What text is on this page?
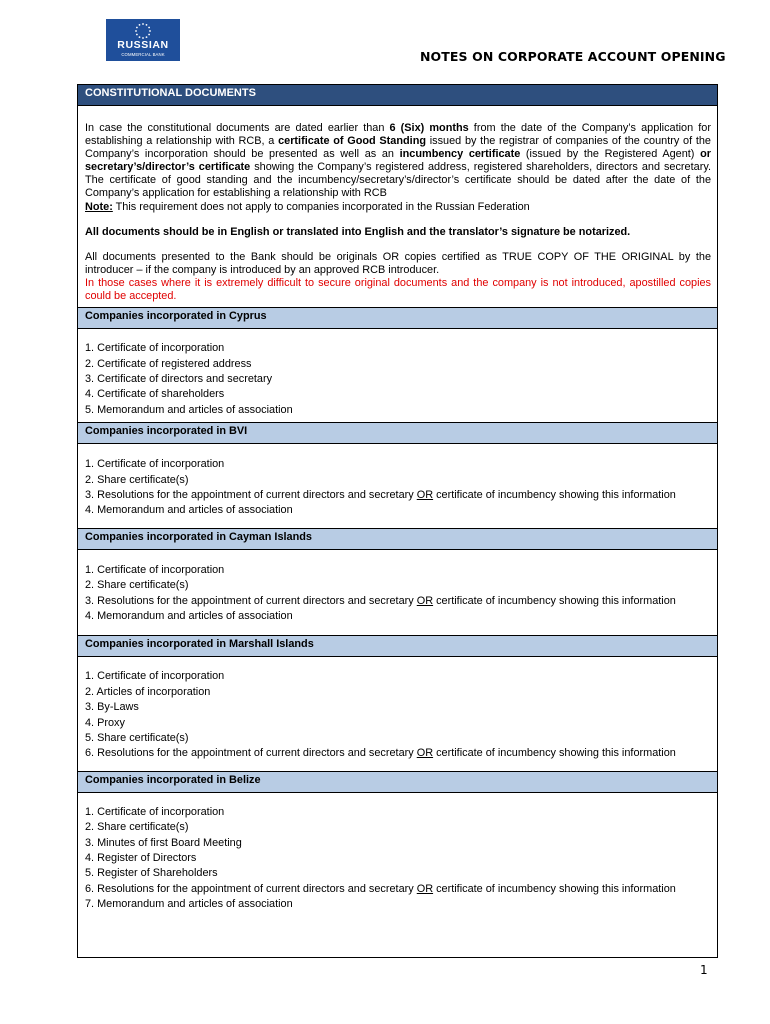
RUSSIAN
COMMERCIAL BANK	NOTES ON CORPORATE ACCOUNT OPENING
CONSTITUTIONAL DOCUMENTS

In case the constitutional documents are dated earlier than 6 (Six) months from the date of the Company’s application for establishing a relationship with RCB, a certificate of Good Standing issued by the registrar of companies of the country of the Company’s incorporation should be presented as well as an incumbency certificate (issued by the Registered Agent) or secretary’s/director’s certificate showing the Company’s registered address, registered shareholders, directors and secretary. The certificate of good standing and the incumbency/secretary’s/director’s certificate should be dated after the date of the Company’s application for establishing a relationship with RCB

Note: This requirement does not apply to companies incorporated in the Russian Federation

All documents should be in English or translated into English and the translator’s signature be notarized.

All documents presented to the Bank should be originals OR copies certified as TRUE COPY OF THE ORIGINAL by the introducer – if the company is introduced by an approved RCB introducer.

In those cases where it is extremely difficult to secure original documents and the company is not introduced, apostilled copies could be accepted.

Companies incorporated in Cyprus
1. Certificate of incorporation
2. Certificate of registered address
3. Certificate of directors and secretary
4. Certificate of shareholders
5. Memorandum and articles of association
Companies incorporated in BVI
1. Certificate of incorporation
2. Share certificate(s)
3. Resolutions for the appointment of current directors and secretary OR certificate of incumbency showing this information
4. Memorandum and articles of association
Companies incorporated in Cayman Islands
1. Certificate of incorporation
2. Share certificate(s)
3. Resolutions for the appointment of current directors and secretary OR certificate of incumbency showing this information
4. Memorandum and articles of association
Companies incorporated in Marshall Islands
1. Certificate of incorporation
2. Articles of incorporation
3. By-Laws
4. Proxy
5. Share certificate(s)
6. Resolutions for the appointment of current directors and secretary OR certificate of incumbency showing this information
Companies incorporated in Belize
1. Certificate of incorporation
2. Share certificate(s)
3. Minutes of first Board Meeting
4. Register of Directors
5. Register of Shareholders
6. Resolutions for the appointment of current directors and secretary OR certificate of incumbency showing this information
7. Memorandum and articles of association
1
